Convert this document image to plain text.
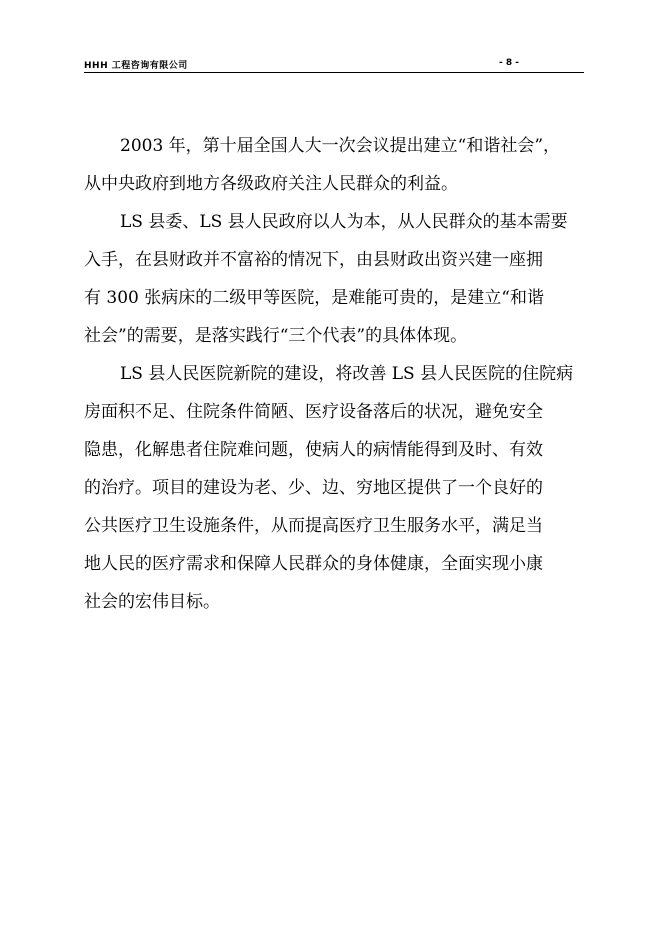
HHH 工程咨询有限公司	- 8 -
2003 年，第十届全国人大一次会议提出建立“和谐社会”，
从中央政府到地方各级政府关注人民群众的利益。
LS 县委、LS 县人民政府以人为本，从人民群众的基本需要
入手，在县财政并不富裕的情况下，由县财政出资兴建一座拥
有 300 张病床的二级甲等医院，是难能可贵的，是建立“和谐
社会”的需要，是落实践行“三个代表”的具体体现。
LS 县人民医院新院的建设，将改善 LS 县人民医院的住院病
房面积不足、住院条件简陋、医疗设备落后的状况，避免安全
隐患，化解患者住院难问题，使病人的病情能得到及时、有效
的治疗。项目的建设为老、少、边、穷地区提供了一个良好的
公共医疗卫生设施条件，从而提高医疗卫生服务水平，满足当
地人民的医疗需求和保障人民群众的身体健康，全面实现小康
社会的宏伟目标。
